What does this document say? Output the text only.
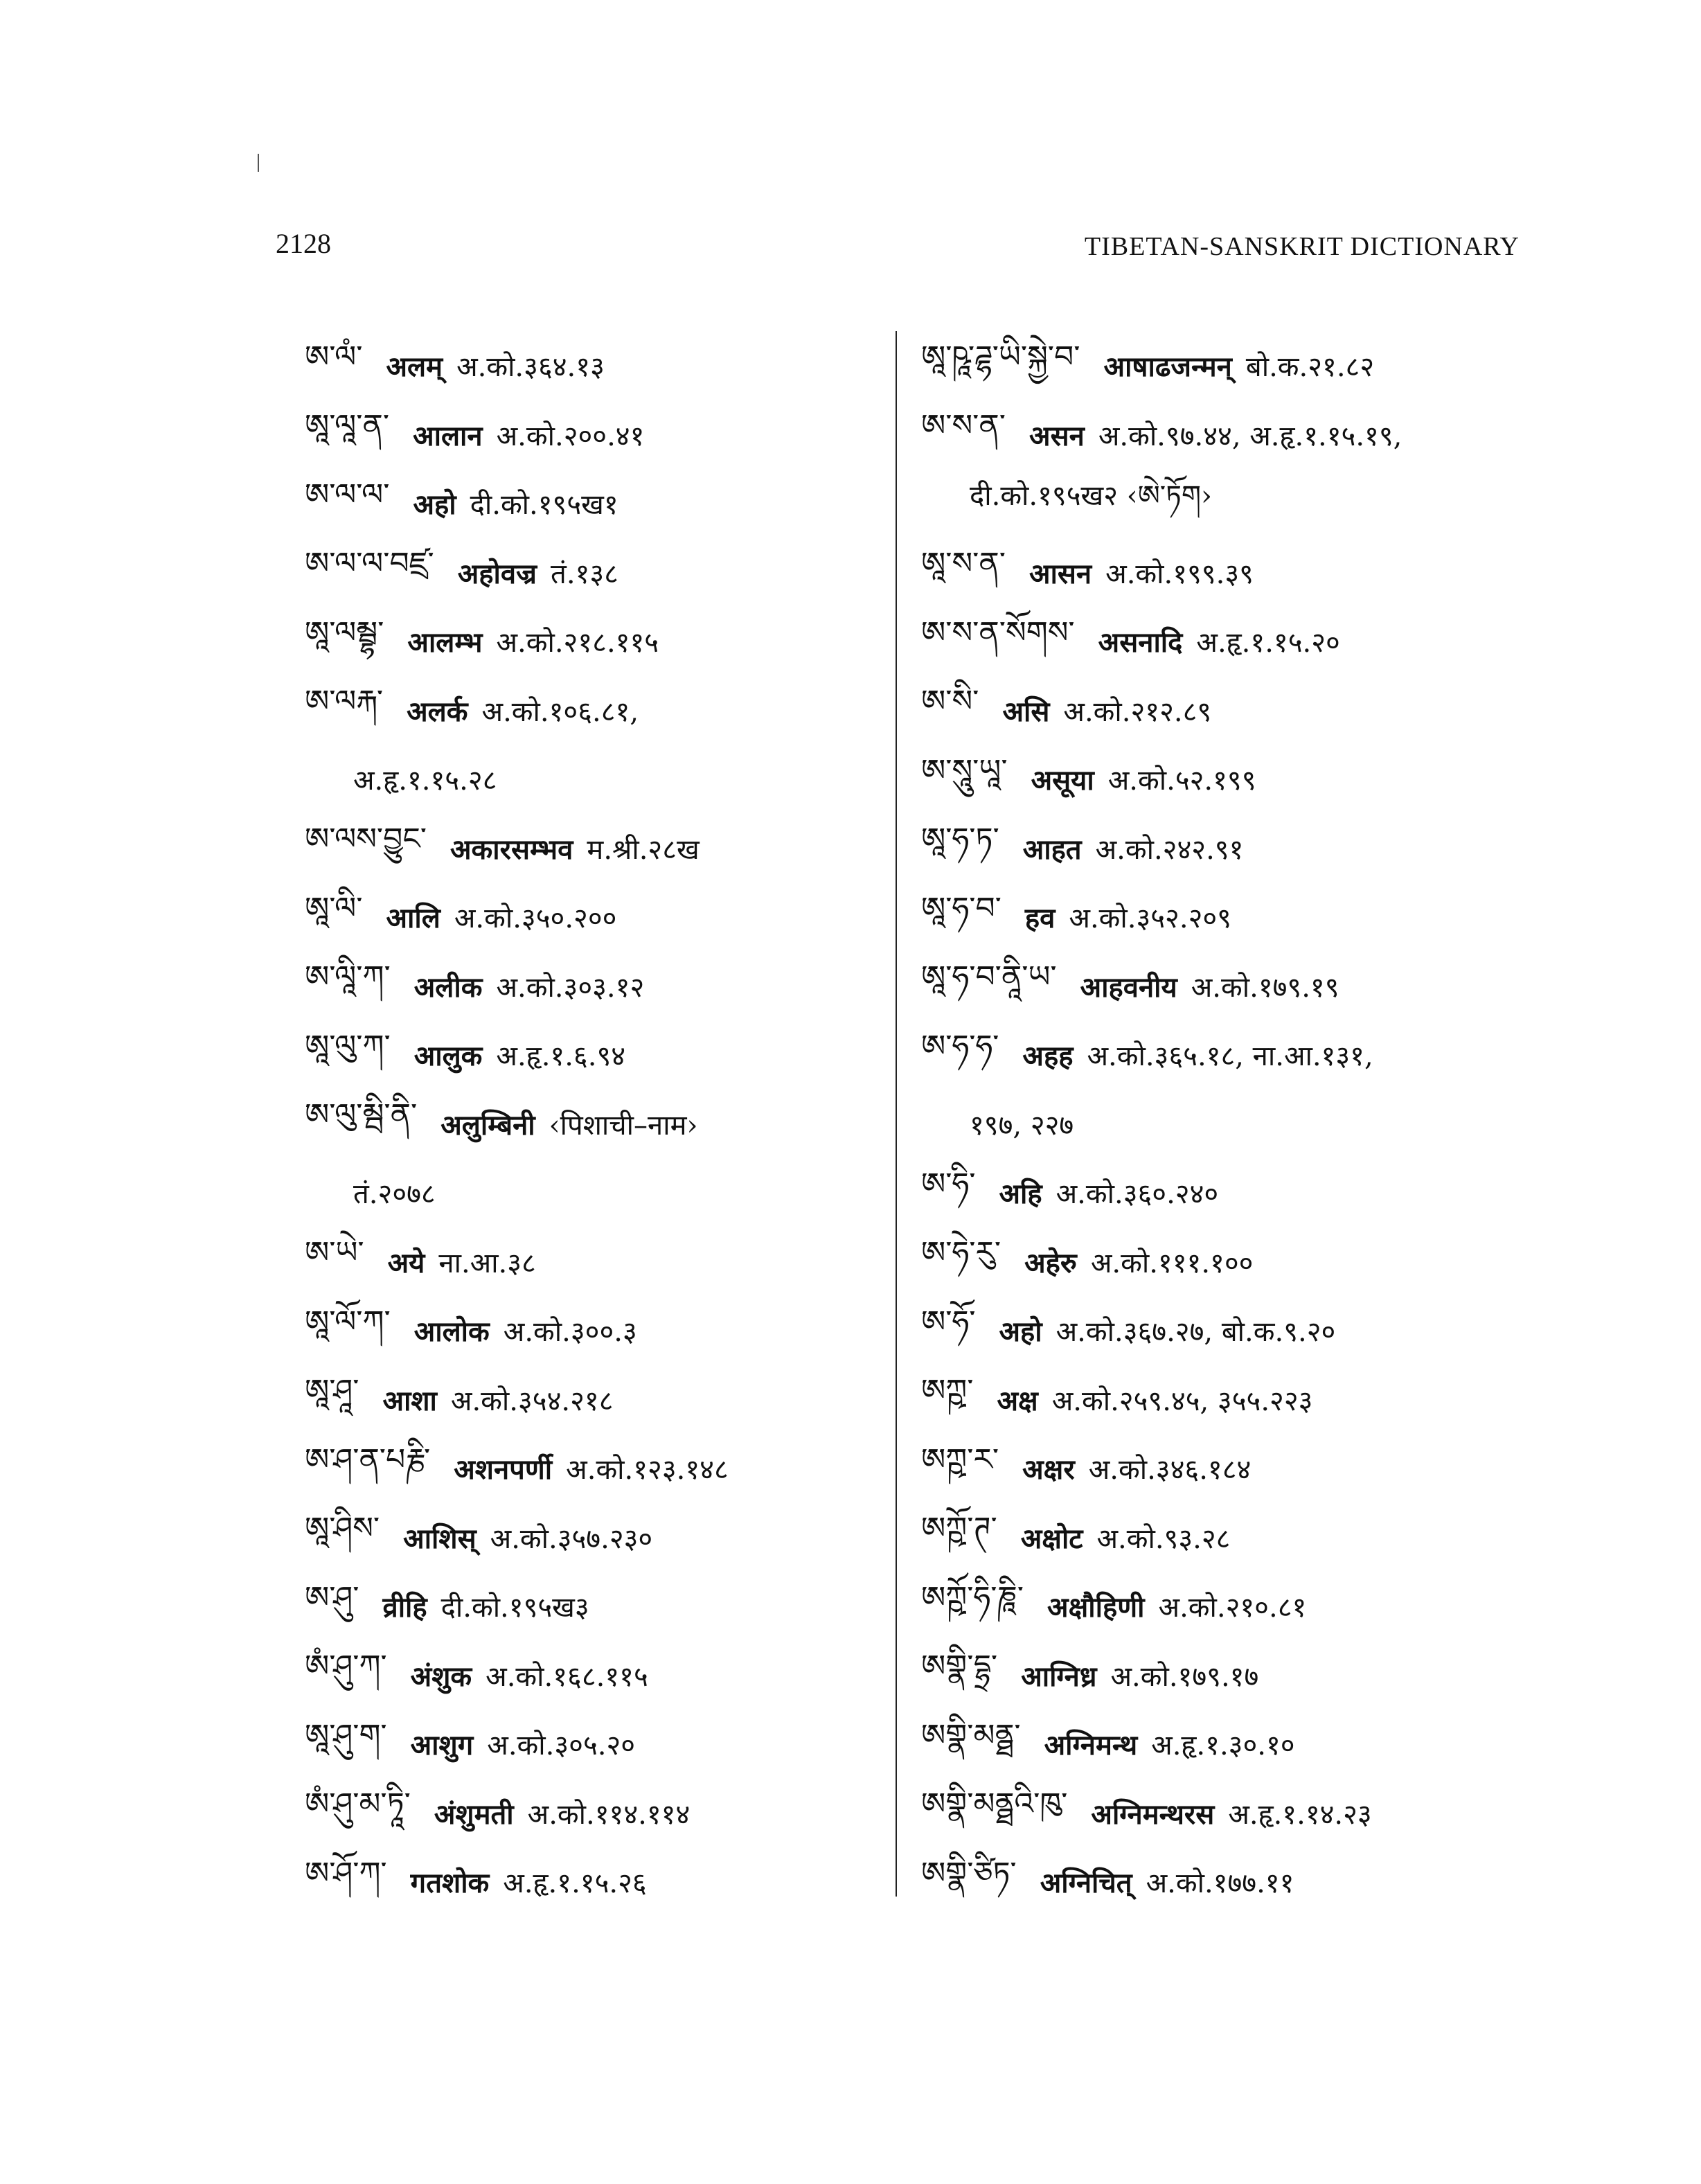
2128	TIBETAN-SANSKRIT DICTIONARY
ཨ་ལཾ་ अलम् अ.को.३६४.१३
ཨཱ་ལཱ་ན་ आलान अ.को.२००.४१
ཨ་ལ་ལ་ अहो दी.को.१९५ख१
ཨ་ལ་ལ་བཛྲ་ अहोवज्र तं.१३८
ཨཱ་ལམྦྷ་ आलम्भ अ.को.२१८.११५
ཨ་ལརྐ་ अलर्क अ.को.१०६.८१,
अ.हृ.१.१५.२८
ཨ་ལས་བྱུང་ अकारसम्भव म.श्री.२८ख
ཨཱ་ལི་ आलि अ.को.३५०.२००
ཨ་ལཱི་ཀ་ अलीक अ.को.३०३.१२
ཨཱ་ལུ་ཀ་ आलुक अ.हृ.१.६.९४
ཨ་ལུ་མྦི་ནི་ अलुम्बिनी ‹पिशाची–नाम›
तं.२०७८
ཨ་ཡེ་ अये ना.आ.३८
ཨཱ་ལོ་ཀ་ आलोक अ.को.३००.३
ཨཱ་ཤཱ་ आशा अ.को.३५४.२१८
ཨ་ཤ་ན་པརྞི་ अशनपर्णी अ.को.१२३.१४८
ཨཱ་ཤིས་ आशिस् अ.को.३५७.२३०
ཨ་ཤུ་ व्रीहि दी.को.१९५ख३
ཨཾ་ཤུ་ཀ་ अंशुक अ.को.१६८.११५
ཨཱ་ཤུ་ག་ आशुग अ.को.३०५.२०
ཨཾ་ཤུ་མ་ཏཱི་ अंशुमती अ.को.११४.११४
ཨ་ཤོ་ཀ་ गतशोक अ.हृ.१.१५.२६
ཨཱ་ཥཱ་ཌྷ་ཡི་སྐྱེ་བ་ आषाढजन्मन् बो.क.२१.८२
ཨ་ས་ན་ असन अ.को.९७.४४, अ.हृ.१.१५.१९,
दी.को.१९५ख२ ‹ཨེ་ཏོག›
ཨཱ་ས་ན་ आसन अ.को.१९९.३९
ཨ་ས་ན་སོགས་ असनादि अ.हृ.१.१५.२०
ཨ་སི་ असि अ.को.२१२.८९
ཨ་སཱུ་ཡཱ་ असूया अ.को.५२.१९९
ཨཱ་ཧ་ཏ་ आहत अ.को.२४२.९१
ཨཱ་ཧ་བ་ हव अ.को.३५२.२०९
ཨཱ་ཧ་བ་ནཱི་ཡ་ आहवनीय अ.को.१७९.१९
ཨ་ཧ་ཧ་ अहह अ.को.३६५.१८, ना.आ.१३१,
१९७, २२७
ཨ་ཧི་ अहि अ.को.३६०.२४०
ཨ་ཧེ་རུ་ अहेरु अ.को.१११.१००
ཨ་ཧོ་ अहो अ.को.३६७.२७, बो.क.९.२०
ཨཀྵ་ अक्ष अ.को.२५९.४५, ३५५.२२३
ཨཀྵ་ར་ अक्षर अ.को.३४६.१८४
ཨཀྵོ་ཊ་ अक्षोट अ.को.९३.२८
ཨཀྵོ་ཧི་ཎཱི་ अक्षौहिणी अ.को.२१०.८१
ཨགྣི་དྷྲ་ आग्निध्र अ.को.१७९.१७
ཨགྣི་མནྠ་ अग्निमन्थ अ.हृ.१.३०.१०
ཨགྣི་མནྠའི་ཁུ་ अग्निमन्थरस अ.हृ.१.१४.२३
ཨགྣི་ཙིཏ་ अग्निचित् अ.को.१७७.११
